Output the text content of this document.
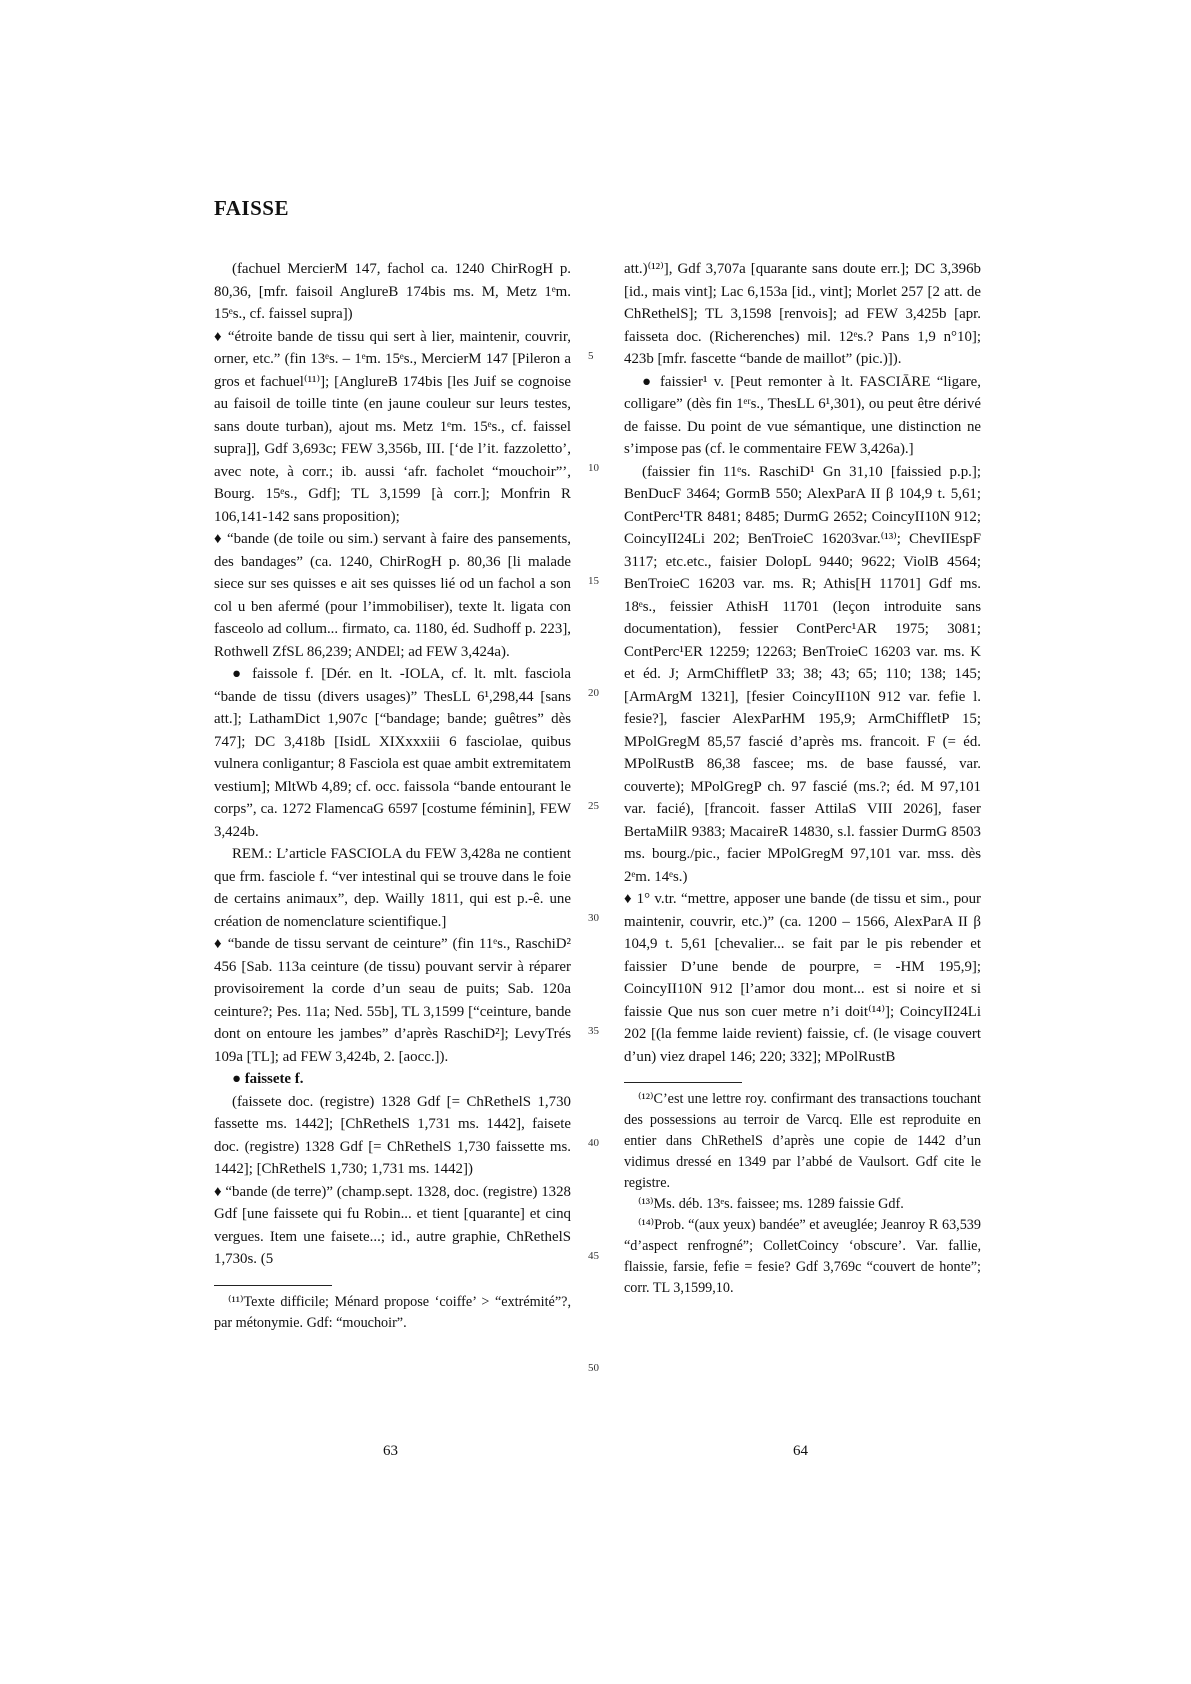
FAISSE

(fachuel MercierM 147, fachol ca. 1240 ChirRogH p. 80,36, [mfr. faisoil AnglureB 174bis ms. M, Metz 1ᵉm. 15ᵉs., cf. faissel supra])

♦ “étroite bande de tissu qui sert à lier, maintenir, couvrir, orner, etc.” (fin 13ᵉs. – 1ᵉm. 15ᵉs., MercierM 147 [Pileron a gros et fachuel⁽¹¹⁾]; [AnglureB 174bis [les Juif se cognoise au faisoil de toille tinte (en jaune couleur sur leurs testes, sans doute turban), ajout ms. Metz 1ᵉm. 15ᵉs., cf. faissel supra]], Gdf 3,693c; FEW 3,356b, III. [‘de l’it. fazzoletto’, avec note, à corr.; ib. aussi ‘afr. facholet “mouchoir”’, Bourg. 15ᵉs., Gdf]; TL 3,1599 [à corr.]; Monfrin R 106,141-142 sans proposition);

♦ “bande (de toile ou sim.) servant à faire des pansements, des bandages” (ca. 1240, ChirRogH p. 80,36 [li malade siece sur ses quisses e ait ses quisses lié od un fachol a son col u ben afermé (pour l’immobiliser), texte lt. ligata con fasceolo ad collum... firmato, ca. 1180, éd. Sudhoff p. 223], Rothwell ZfSL 86,239; ANDEl; ad FEW 3,424a).

● faissole f. [Dér. en lt. -IOLA, cf. lt. mlt. fasciola “bande de tissu (divers usages)” ThesLL 6¹,298,44 [sans att.]; LathamDict 1,907c [“bandage; bande; guêtres” dès 747]; DC 3,418b [IsidL XIXxxxiii 6 fasciolae, quibus vulnera conligantur; 8 Fasciola est quae ambit extremitatem vestium]; MltWb 4,89; cf. occ. faissola “bande entourant le corps”, ca. 1272 FlamencaG 6597 [costume féminin], FEW 3,424b.

REM.: L’article FASCIOLA du FEW 3,428a ne contient que frm. fasciole f. “ver intestinal qui se trouve dans le foie de certains animaux”, dep. Wailly 1811, qui est p.-ê. une création de nomenclature scientifique.]

♦ “bande de tissu servant de ceinture” (fin 11ᵉs., RaschiD² 456 [Sab. 113a ceinture (de tissu) pouvant servir à réparer provisoirement la corde d’un seau de puits; Sab. 120a ceinture?; Pes. 11a; Ned. 55b], TL 3,1599 [“ceinture, bande dont on entoure les jambes” d’après RaschiD²]; LevyTrés 109a [TL]; ad FEW 3,424b, 2. [aocc.]).

● faissete f.

(faissete doc. (registre) 1328 Gdf [= ChRethelS 1,730 fassette ms. 1442]; [ChRethelS 1,731 ms. 1442], faisete doc. (registre) 1328 Gdf [= ChRethelS 1,730 faissette ms. 1442]; [ChRethelS 1,730; 1,731 ms. 1442])

♦ “bande (de terre)” (champ.sept. 1328, doc. (registre) 1328 Gdf [une faissete qui fu Robin... et tient [quarante] et cinq vergues. Item une faisete...; id., autre graphie, ChRethelS 1,730s. (5

⁽¹¹⁾Texte difficile; Ménard propose ‘coiffe’ > “extrémité”?, par métonymie. Gdf: “mouchoir”.

att.)⁽¹²⁾], Gdf 3,707a [quarante sans doute err.]; DC 3,396b [id., mais vint]; Lac 6,153a [id., vint]; Morlet 257 [2 att. de ChRethelS]; TL 3,1598 [renvois]; ad FEW 3,425b [apr. faisseta doc. (Richerenches) mil. 12ᵉs.? Pans 1,9 n°10]; 423b [mfr. fascette “bande de maillot” (pic.)]).

● faissier¹ v. [Peut remonter à lt. FASCIĀRE “ligare, colligare” (dès fin 1ᵉʳs., ThesLL 6¹,301), ou peut être dérivé de faisse. Du point de vue sémantique, une distinction ne s’impose pas (cf. le commentaire FEW 3,426a).]

(faissier fin 11ᵉs. RaschiD¹ Gn 31,10 [faissied p.p.]; BenDucF 3464; GormB 550; AlexParA II β 104,9 t. 5,61; ContPerc¹TR 8481; 8485; DurmG 2652; CoincyII10N 912; CoincyII24Li 202; BenTroieC 16203var.⁽¹³⁾; ChevIIEspF 3117; etc.etc., faisier DolopL 9440; 9622; ViolB 4564; BenTroieC 16203 var. ms. R; Athis[H 11701] Gdf ms. 18ᵉs., feissier AthisH 11701 (leçon introduite sans documentation), fessier ContPerc¹AR 1975; 3081; ContPerc¹ER 12259; 12263; BenTroieC 16203 var. ms. K et éd. J; ArmChiffletP 33; 38; 43; 65; 110; 138; 145; [ArmArgM 1321], [fesier CoincyII10N 912 var. fefie l. fesie?], fascier AlexParHM 195,9; ArmChiffletP 15; MPolGregM 85,57 fascié d’après ms. francoit. F (= éd. MPolRustB 86,38 fascee; ms. de base faussé, var. couverte); MPolGregP ch. 97 fascié (ms.?; éd. M 97,101 var. facié), [francoit. fasser AttilaS VIII 2026], faser BertaMilR 9383; MacaireR 14830, s.l. fassier DurmG 8503 ms. bourg./pic., facier MPolGregM 97,101 var. mss. dès 2ᵉm. 14ᵉs.)

♦ 1° v.tr. “mettre, apposer une bande (de tissu et sim., pour maintenir, couvrir, etc.)” (ca. 1200 – 1566, AlexParA II β 104,9 t. 5,61 [chevalier... se fait par le pis rebender et faissier D’une bende de pourpre, = -HM 195,9]; CoincyII10N 912 [l’amor dou mont... est si noire et si faissie Que nus son cuer metre n’i doit⁽¹⁴⁾]; CoincyII24Li 202 [(la femme laide revient) faissie, cf. (le visage couvert d’un) viez drapel 146; 220; 332]; MPolRustB

⁽¹²⁾C’est une lettre roy. confirmant des transactions touchant des possessions au terroir de Varcq. Elle est reproduite en entier dans ChRethelS d’après une copie de 1442 d’un vidimus dressé en 1349 par l’abbé de Vaulsort. Gdf cite le registre.

⁽¹³⁾Ms. déb. 13ᵉs. faissee; ms. 1289 faissie Gdf.

⁽¹⁴⁾Prob. “(aux yeux) bandée” et aveuglée; Jeanroy R 63,539 “d’aspect renfrogné”; ColletCoincy ‘obscure’. Var. fallie, flaissie, farsie, fefie = fesie? Gdf 3,769c “couvert de honte”; corr. TL 3,1599,10.

5
10
15
20
25
30
35
40
45
50
63	64
